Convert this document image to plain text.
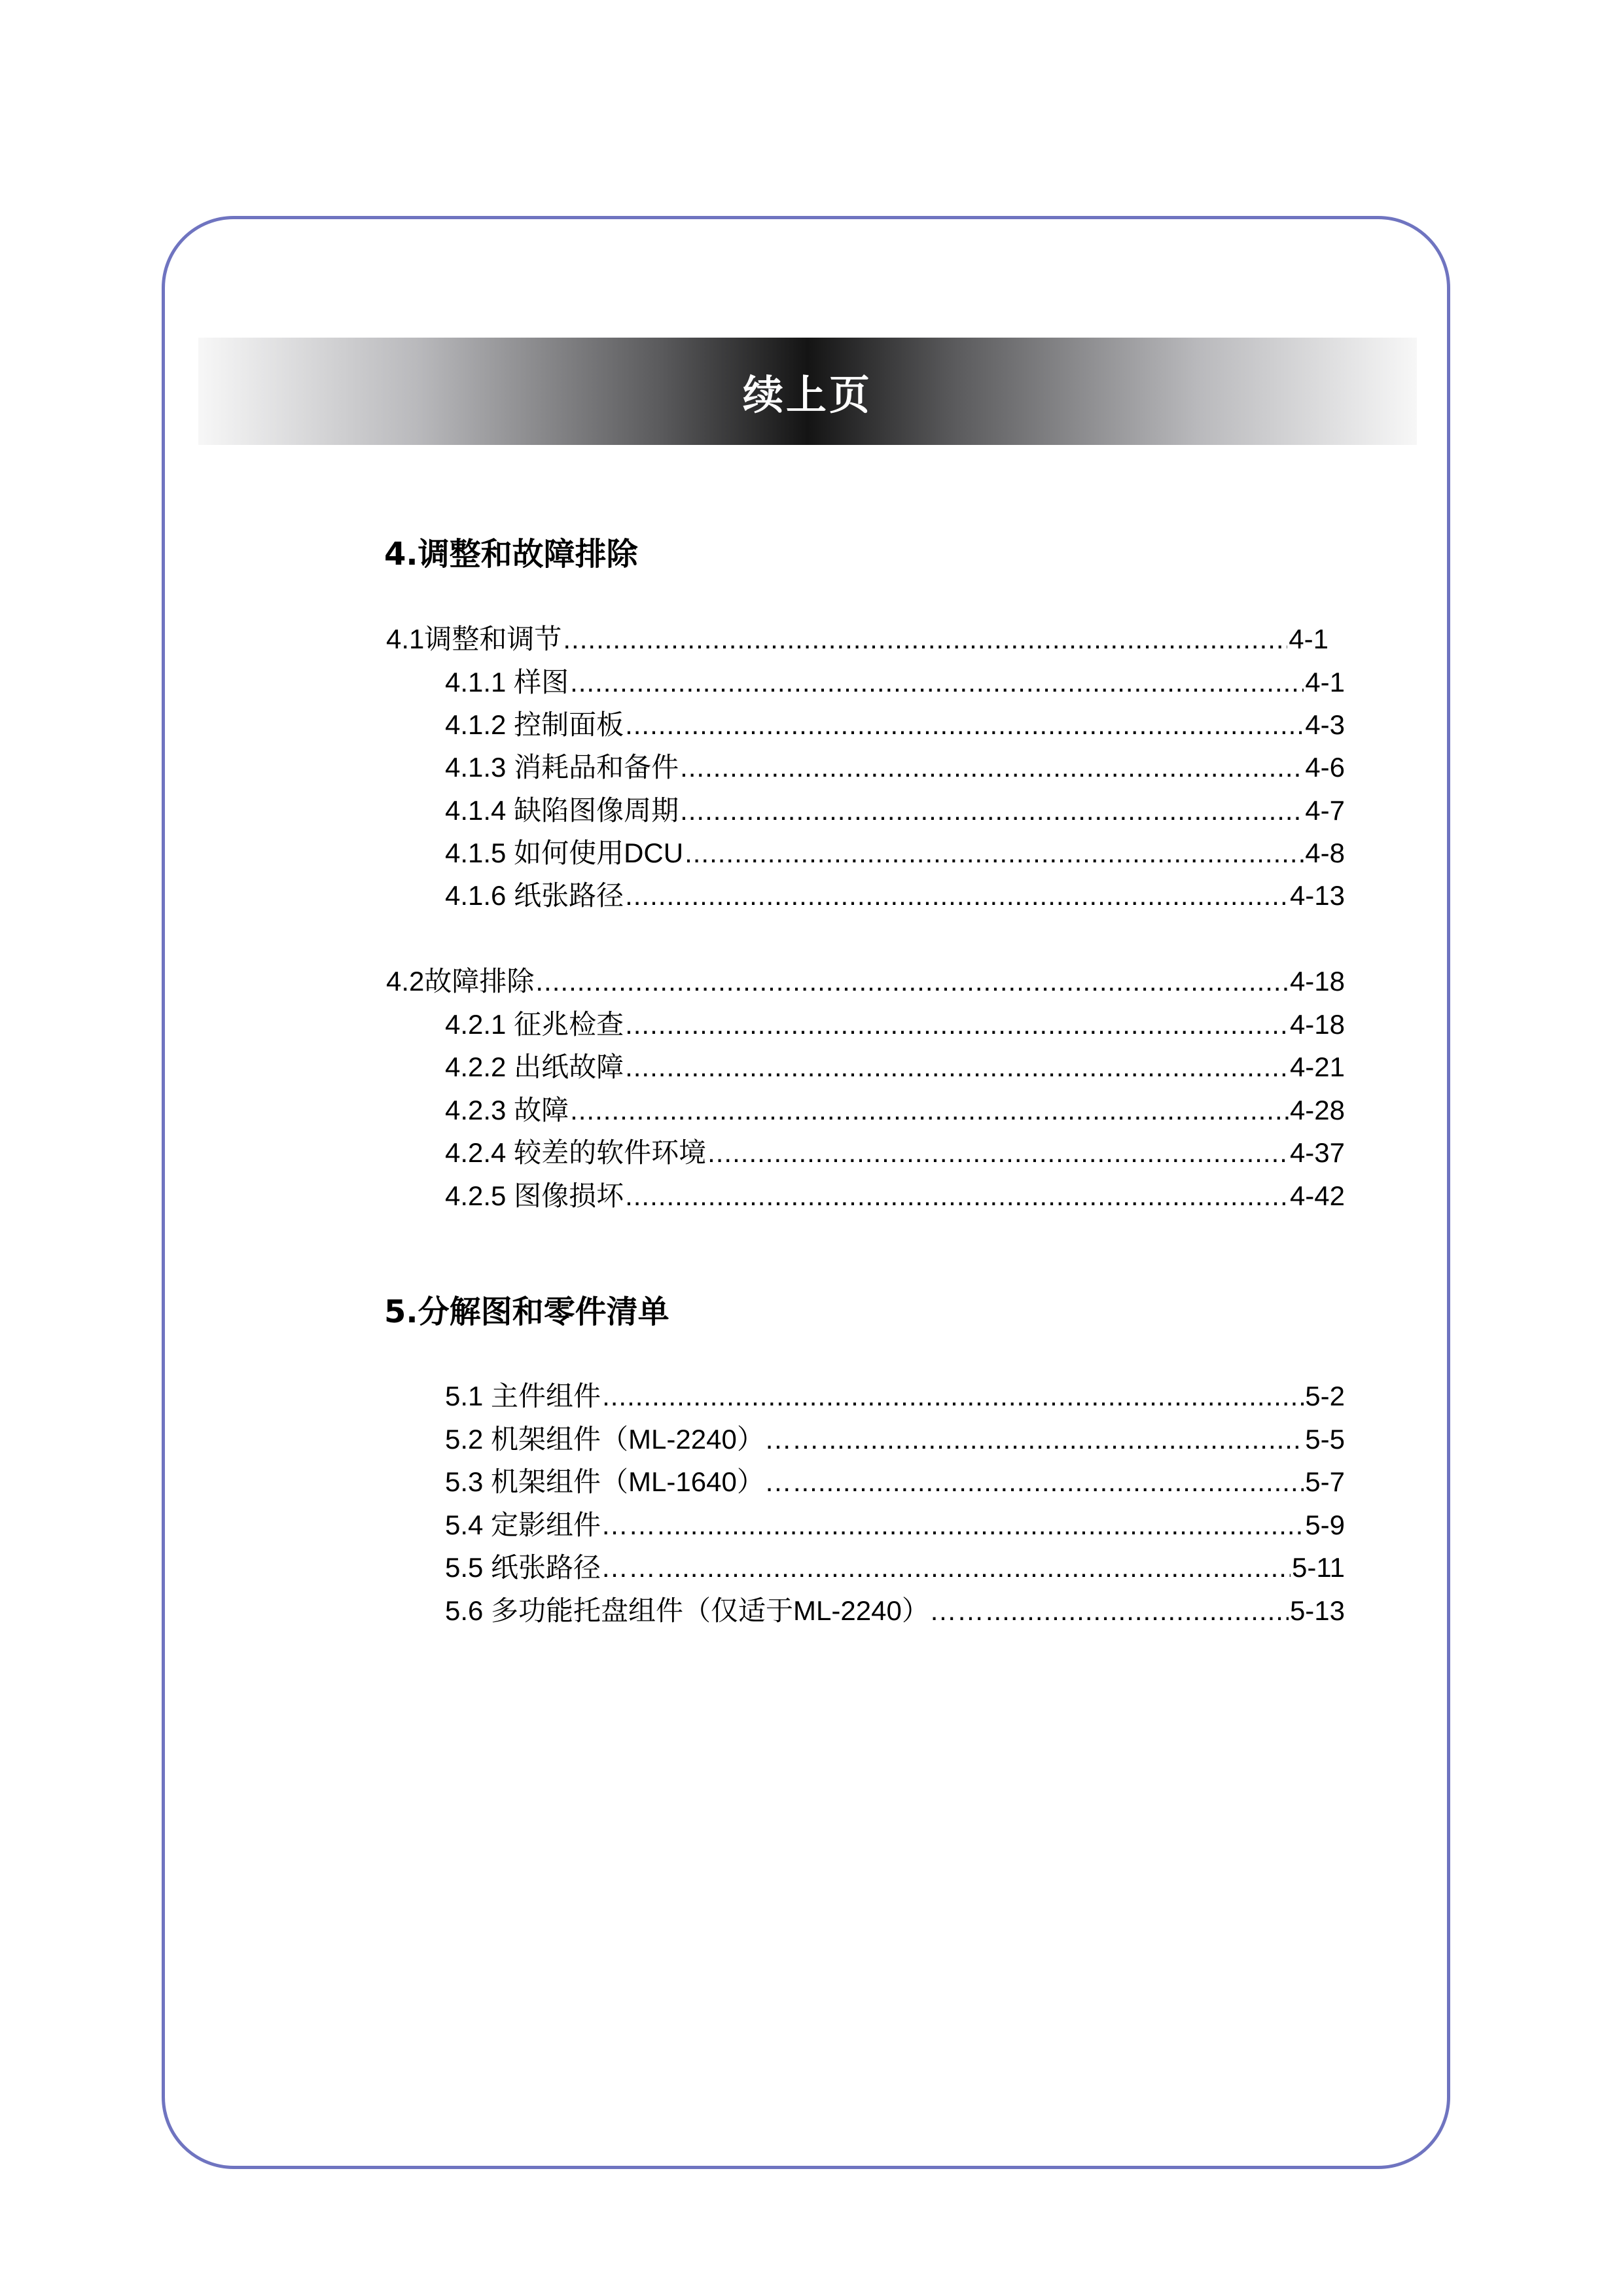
续上页
4.调整和故障排除
4.1调整和调节 .....	4-1
4.1.1 样图 .....	4-1
4.1.2 控制面板 .....	4-3
4.1.3 消耗品和备件 .....	4-6
4.1.4 缺陷图像周期 .....	4-7
4.1.5 如何使用DCU .....	4-8
4.1.6 纸张路径 .....	4-13
4.2故障排除 .....	4-18
4.2.1 征兆检查 .....	4-18
4.2.2 出纸故障 .....	4-21
4.2.3 故障 .....	4-28
4.2.4 较差的软件环境 .....	4-37
4.2.5 图像损坏 .....	4-42
5.分解图和零件清单
5.1 主件组件 .....	5-2
5.2 机架组件（ML-2240）…… .....	5-5
5.3 机架组件（ML-1640）… .....	5-7
5.4 定影组件…… .....	5-9
5.5 纸张路径…… .....	5-11
5.6 多功能托盘组件（仅适于ML-2240）…… .....	5-13
